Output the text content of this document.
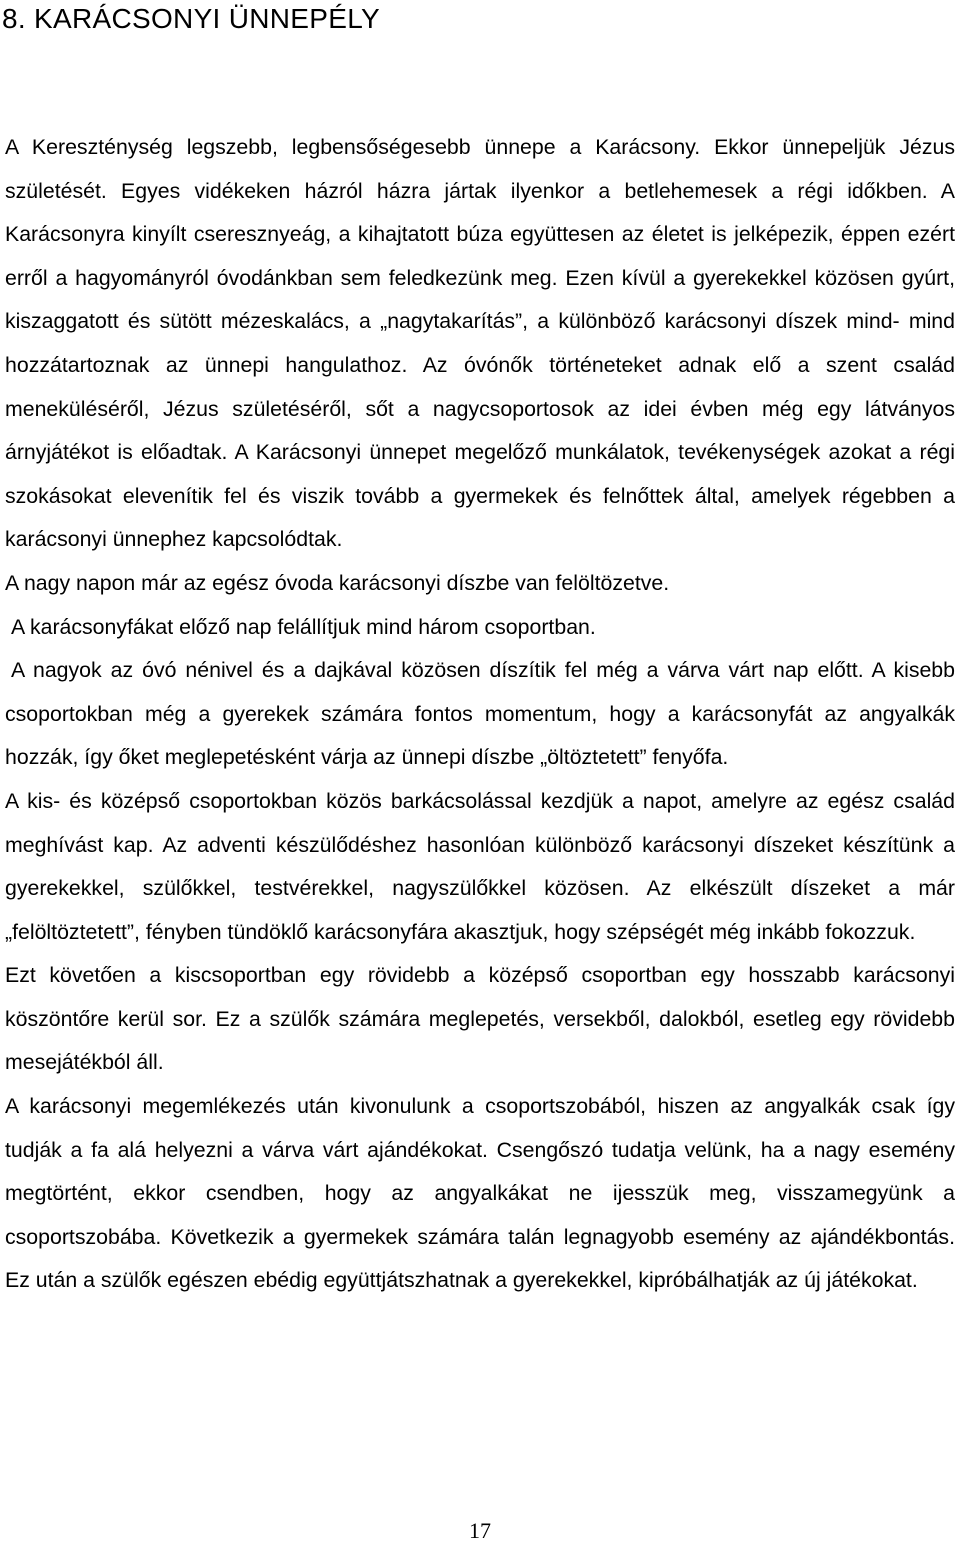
8. KARÁCSONYI ÜNNEPÉLY

A Kereszténység legszebb, legbensőségesebb ünnepe a Karácsony. Ekkor ünnepeljük Jézus születését. Egyes vidékeken házról házra jártak ilyenkor a betlehemesek a régi időkben. A Karácsonyra kinyílt cseresznyeág, a kihajtatott búza együttesen az életet is jelképezik, éppen ezért erről a hagyományról óvodánkban sem feledkezünk meg. Ezen kívül a gyerekekkel közösen gyúrt, kiszaggatott és sütött mézeskalács, a „nagytakarítás”, a különböző karácsonyi díszek mind- mind hozzátartoznak az ünnepi hangulathoz. Az óvónők történeteket adnak elő a szent család meneküléséről, Jézus születéséről, sőt a nagycsoportosok az idei évben még egy látványos árnyjátékot is előadtak. A Karácsonyi ünnepet megelőző munkálatok, tevékenységek azokat a régi szokásokat elevenítik fel és viszik tovább a gyermekek és felnőttek által, amelyek régebben a karácsonyi ünnephez kapcsolódtak.

A nagy napon már az egész óvoda karácsonyi díszbe van felöltözetve.

A karácsonyfákat előző nap felállítjuk mind három csoportban.

A nagyok az óvó nénivel és a dajkával közösen díszítik fel még a várva várt nap előtt. A kisebb csoportokban még a gyerekek számára fontos momentum, hogy a karácsonyfát az angyalkák hozzák, így őket meglepetésként várja az ünnepi díszbe „öltöztetett” fenyőfa.

A kis- és középső csoportokban közös barkácsolással kezdjük a napot, amelyre az egész család meghívást kap. Az adventi készülődéshez hasonlóan különböző karácsonyi díszeket készítünk a gyerekekkel, szülőkkel, testvérekkel, nagyszülőkkel közösen. Az elkészült díszeket a már „felöltöztetett”, fényben tündöklő karácsonyfára akasztjuk, hogy szépségét még inkább fokozzuk.

Ezt követően a kiscsoportban egy rövidebb a középső csoportban egy hosszabb karácsonyi köszöntőre kerül sor. Ez a szülők számára meglepetés, versekből, dalokból, esetleg egy rövidebb mesejátékból áll.

A karácsonyi megemlékezés után kivonulunk a csoportszobából, hiszen az angyalkák csak így tudják a fa alá helyezni a várva várt ajándékokat. Csengőszó tudatja velünk, ha a nagy esemény megtörtént, ekkor csendben, hogy az angyalkákat ne ijesszük meg, visszamegyünk a csoportszobába. Következik a gyermekek számára talán legnagyobb esemény az ajándékbontás. Ez után a szülők egészen ebédig együttjátszhatnak a gyerekekkel, kipróbálhatják az új játékokat.

17
